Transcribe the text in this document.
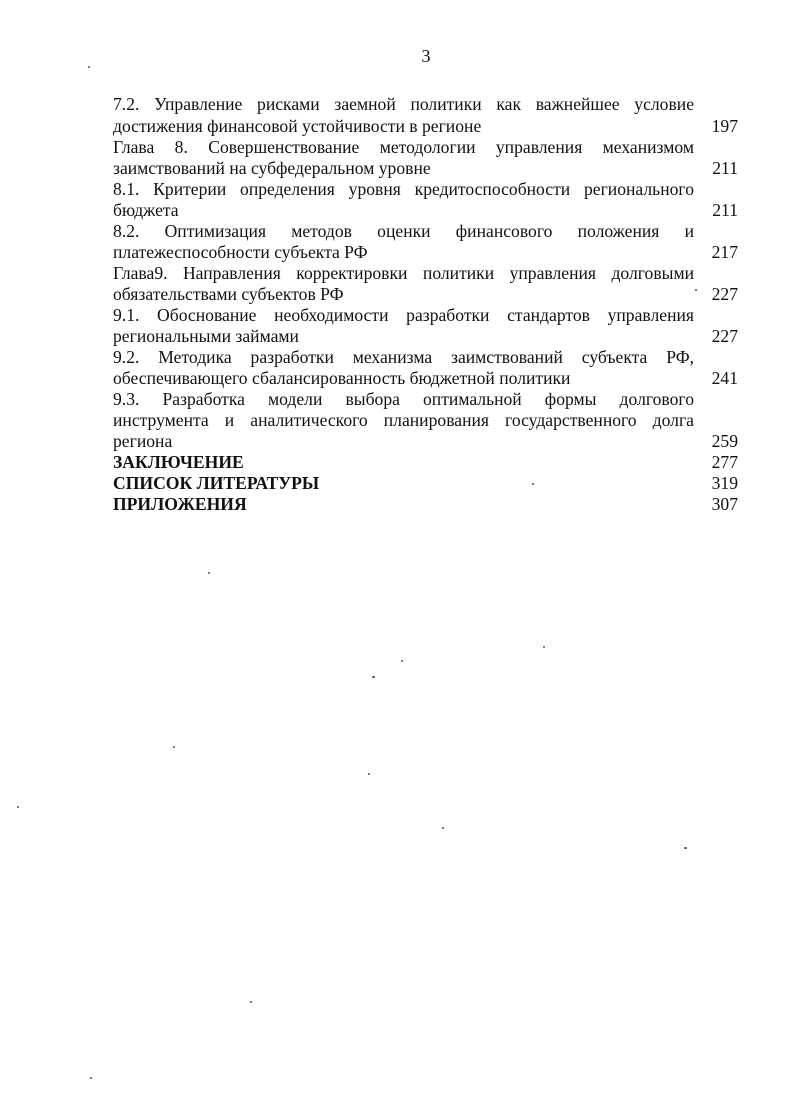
3
7.2. Управление рисками заемной политики как важнейшее условие
достижения финансовой устойчивости в регионе	197
Глава 8. Совершенствование методологии управления механизмом
заимствований на субфедеральном уровне	211
8.1. Критерии определения уровня кредитоспособности регионального
бюджета	211
8.2. Оптимизация методов оценки финансового положения и
платежеспособности субъекта РФ	217
Глава9. Направления корректировки политики управления долговыми
обязательствами субъектов РФ	227
9.1. Обоснование необходимости разработки стандартов управления
региональными займами	227
9.2. Методика разработки механизма заимствований субъекта РФ,
обеспечивающего сбалансированность бюджетной политики	241
9.3. Разработка модели выбора оптимальной формы долгового
инструмента и аналитического планирования государственного долга
региона	259
ЗАКЛЮЧЕНИЕ	277
СПИСОК ЛИТЕРАТУРЫ	319
ПРИЛОЖЕНИЯ	307
